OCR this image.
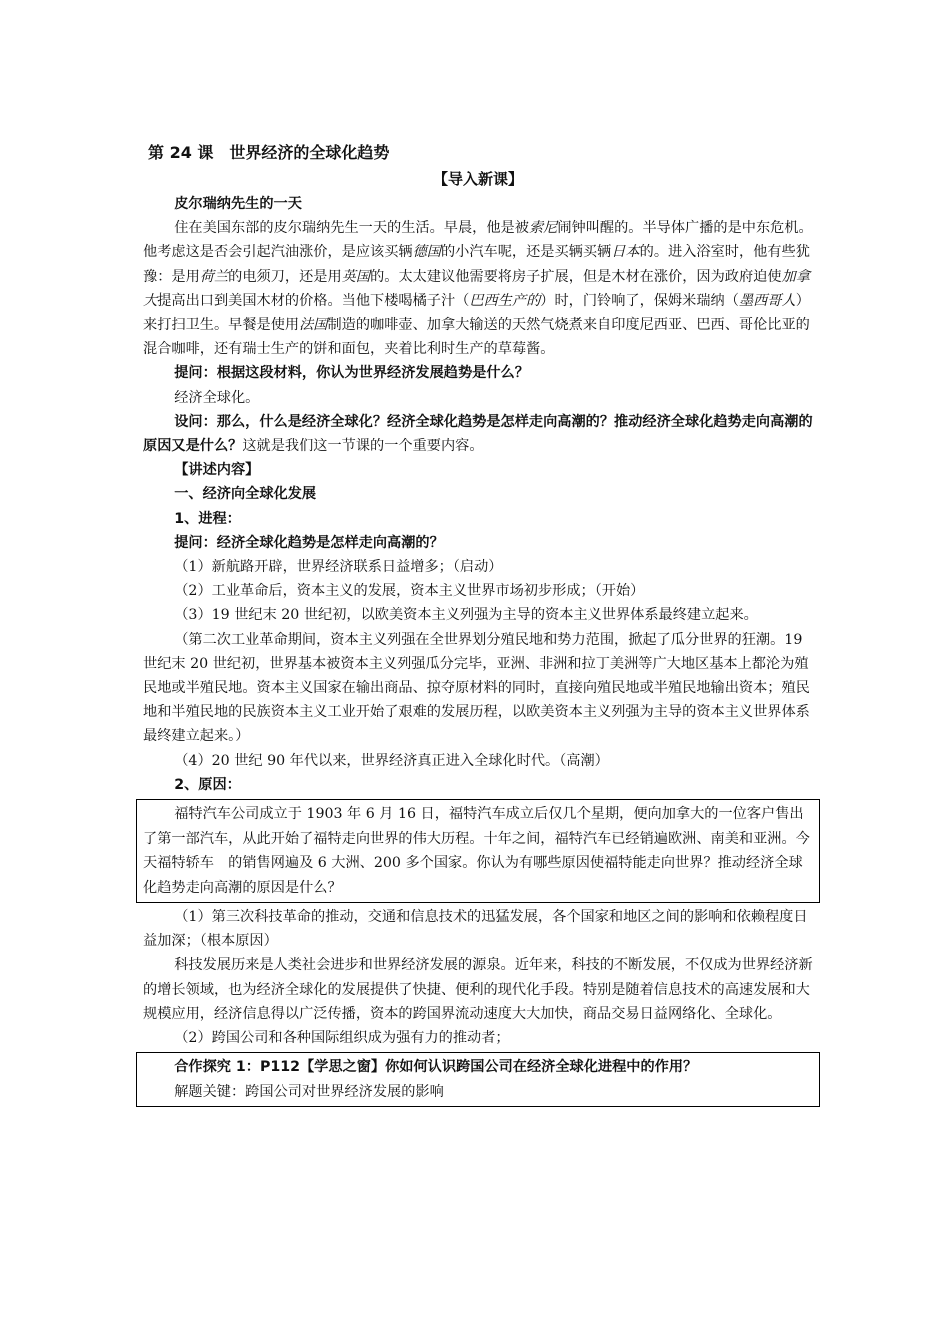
第 24 课　世界经济的全球化趋势
【导入新课】

皮尔瑞纳先生的一天

住在美国东部的皮尔瑞纳先生一天的生活。早晨，他是被索尼闹钟叫醒的。半导体广播的是中东危机。他考虑这是否会引起汽油涨价，是应该买辆德国的小汽车呢，还是买辆买辆日本的。进入浴室时，他有些犹豫：是用荷兰的电须刀，还是用英国的。太太建议他需要将房子扩展，但是木材在涨价，因为政府迫使加拿大提高出口到美国木材的价格。当他下楼喝橘子汁（巴西生产的）时，门铃响了，保姆米瑞纳（墨西哥人）来打扫卫生。早餐是使用法国制造的咖啡壶、加拿大输送的天然气烧煮来自印度尼西亚、巴西、哥伦比亚的混合咖啡，还有瑞士生产的饼和面包，夹着比利时生产的草莓酱。

提问：根据这段材料，你认为世界经济发展趋势是什么？

经济全球化。

设问：那么，什么是经济全球化？经济全球化趋势是怎样走向高潮的？推动经济全球化趋势走向高潮的原因又是什么？这就是我们这一节课的一个重要内容。

【讲述内容】

一、经济向全球化发展

1、进程：

提问：经济全球化趋势是怎样走向高潮的？

（1）新航路开辟，世界经济联系日益增多；（启动）

（2）工业革命后，资本主义的发展，资本主义世界市场初步形成；（开始）

（3）19 世纪末 20 世纪初，以欧美资本主义列强为主导的资本主义世界体系最终建立起来。

（第二次工业革命期间，资本主义列强在全世界划分殖民地和势力范围，掀起了瓜分世界的狂潮。19 世纪末 20 世纪初，世界基本被资本主义列强瓜分完毕，亚洲、非洲和拉丁美洲等广大地区基本上都沦为殖民地或半殖民地。资本主义国家在输出商品、掠夺原材料的同时，直接向殖民地或半殖民地输出资本；殖民地和半殖民地的民族资本主义工业开始了艰难的发展历程，以欧美资本主义列强为主导的资本主义世界体系最终建立起来。）

（4）20 世纪 90 年代以来，世界经济真正进入全球化时代。（高潮）

2、原因：

福特汽车公司成立于 1903 年 6 月 16 日，福特汽车成立后仅几个星期，便向加拿大的一位客户售出了第一部汽车，从此开始了福特走向世界的伟大历程。十年之间，福特汽车已经销遍欧洲、南美和亚洲。今天福特轿车　的销售网遍及 6 大洲、200 多个国家。你认为有哪些原因使福特能走向世界？推动经济全球化趋势走向高潮的原因是什么？

（1）第三次科技革命的推动，交通和信息技术的迅猛发展，各个国家和地区之间的影响和依赖程度日益加深；（根本原因）

科技发展历来是人类社会进步和世界经济发展的源泉。近年来，科技的不断发展，不仅成为世界经济新的增长领域，也为经济全球化的发展提供了快捷、便利的现代化手段。特别是随着信息技术的高速发展和大规模应用，经济信息得以广泛传播，资本的跨国界流动速度大大加快，商品交易日益网络化、全球化。

（2）跨国公司和各种国际组织成为强有力的推动者；

合作探究 1：P112【学思之窗】你如何认识跨国公司在经济全球化进程中的作用？

解题关键：跨国公司对世界经济发展的影响
